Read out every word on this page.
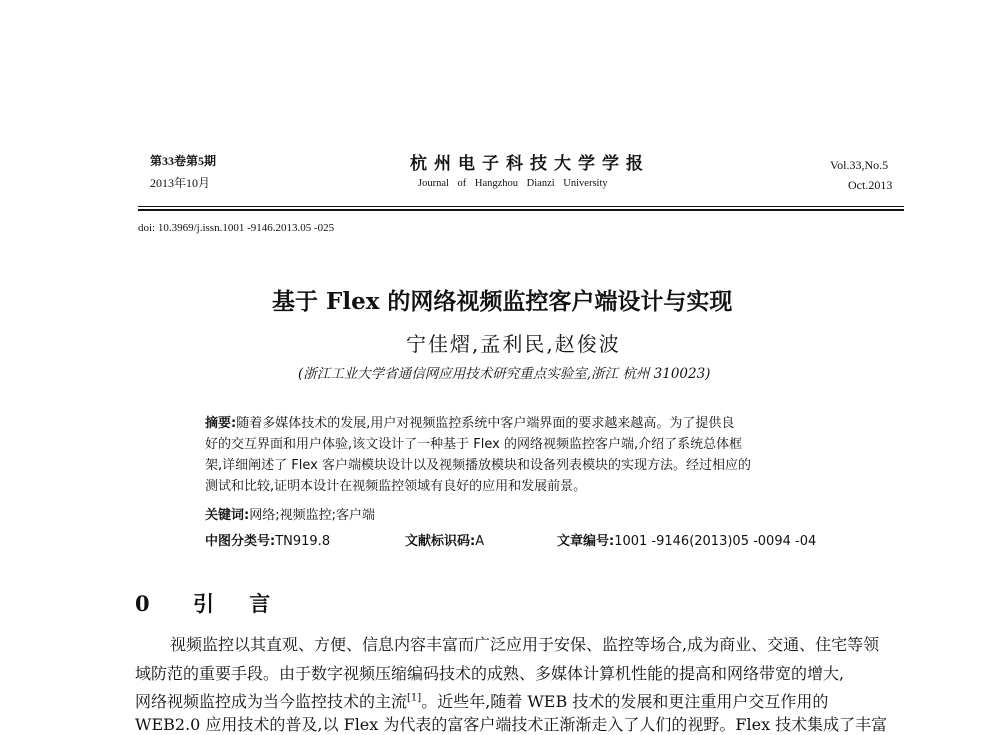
第33卷第5期
2013年10月
杭州电子科技大学学报
Journal of Hangzhou Dianzi University
Vol.33,No.5
Oct.2013
doi: 10.3969/j.issn.1001 -9146.2013.05 -025
基于 Flex 的网络视频监控客户端设计与实现
宁佳熠,孟利民,赵俊波
(浙江工业大学省通信网应用技术研究重点实验室,浙江 杭州 310023)
摘要:随着多媒体技术的发展,用户对视频监控系统中客户端界面的要求越来越高。为了提供良
好的交互界面和用户体验,该文设计了一种基于 Flex 的网络视频监控客户端,介绍了系统总体框
架,详细阐述了 Flex 客户端模块设计以及视频播放模块和设备列表模块的实现方法。经过相应的
测试和比较,证明本设计在视频监控领域有良好的应用和发展前景。
关键词:网络;视频监控;客户端
中图分类号:TN919.8	文献标识码:A	文章编号:1001 -9146(2013)05 -0094 -04
0 引 言
视频监控以其直观、方便、信息内容丰富而广泛应用于安保、监控等场合,成为商业、交通、住宅等领
域防范的重要手段。由于数字视频压缩编码技术的成熟、多媒体计算机性能的提高和网络带宽的增大,
网络视频监控成为当今监控技术的主流[1]。近些年,随着 WEB 技术的发展和更注重用户交互作用的
WEB2.0 应用技术的普及,以 Flex 为代表的富客户端技术正渐渐走入了人们的视野。Flex 技术集成了丰富
